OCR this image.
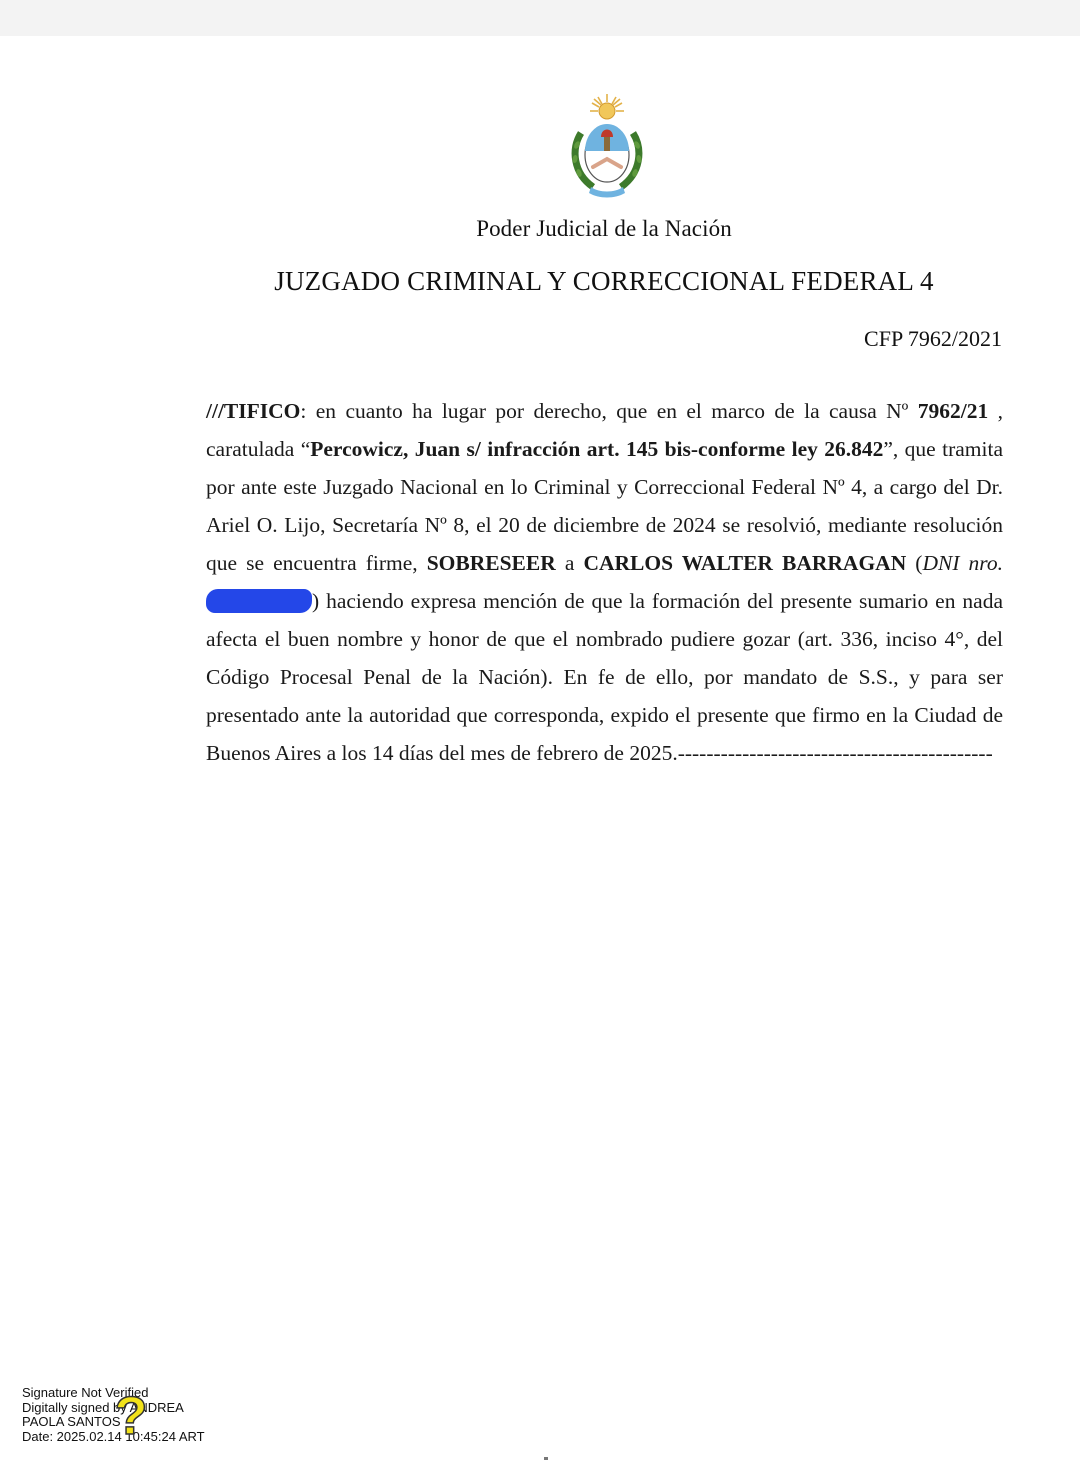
Poder Judicial de la Nación
JUZGADO CRIMINAL Y CORRECCIONAL FEDERAL 4
CFP 7962/2021
///TIFICO: en cuanto ha lugar por derecho, que en el marco de la causa Nº 7962/21 , caratulada “Percowicz, Juan s/ infracción art. 145 bis-conforme ley 26.842”, que tramita por ante este Juzgado Nacional en lo Criminal y Correccional Federal Nº 4, a cargo del Dr. Ariel O. Lijo, Secretaría Nº 8, el 20 de diciembre de 2024 se resolvió, mediante resolución que se encuentra firme, SOBRESEER a CARLOS WALTER BARRAGAN (DNI nro. ) haciendo expresa mención de que la formación del presente sumario en nada afecta el buen nombre y honor de que el nombrado pudiere gozar (art. 336, inciso 4°, del Código Procesal Penal de la Nación). En fe de ello, por mandato de S.S., y para ser presentado ante la autoridad que corresponda, expido el presente que firmo en la Ciudad de Buenos Aires a los 14 días del mes de febrero de 2025.--------------------------------------------
Signature Not Verified
Digitally signed by ANDREA
PAOLA SANTOS
Date: 2025.02.14 10:45:24 ART
?
